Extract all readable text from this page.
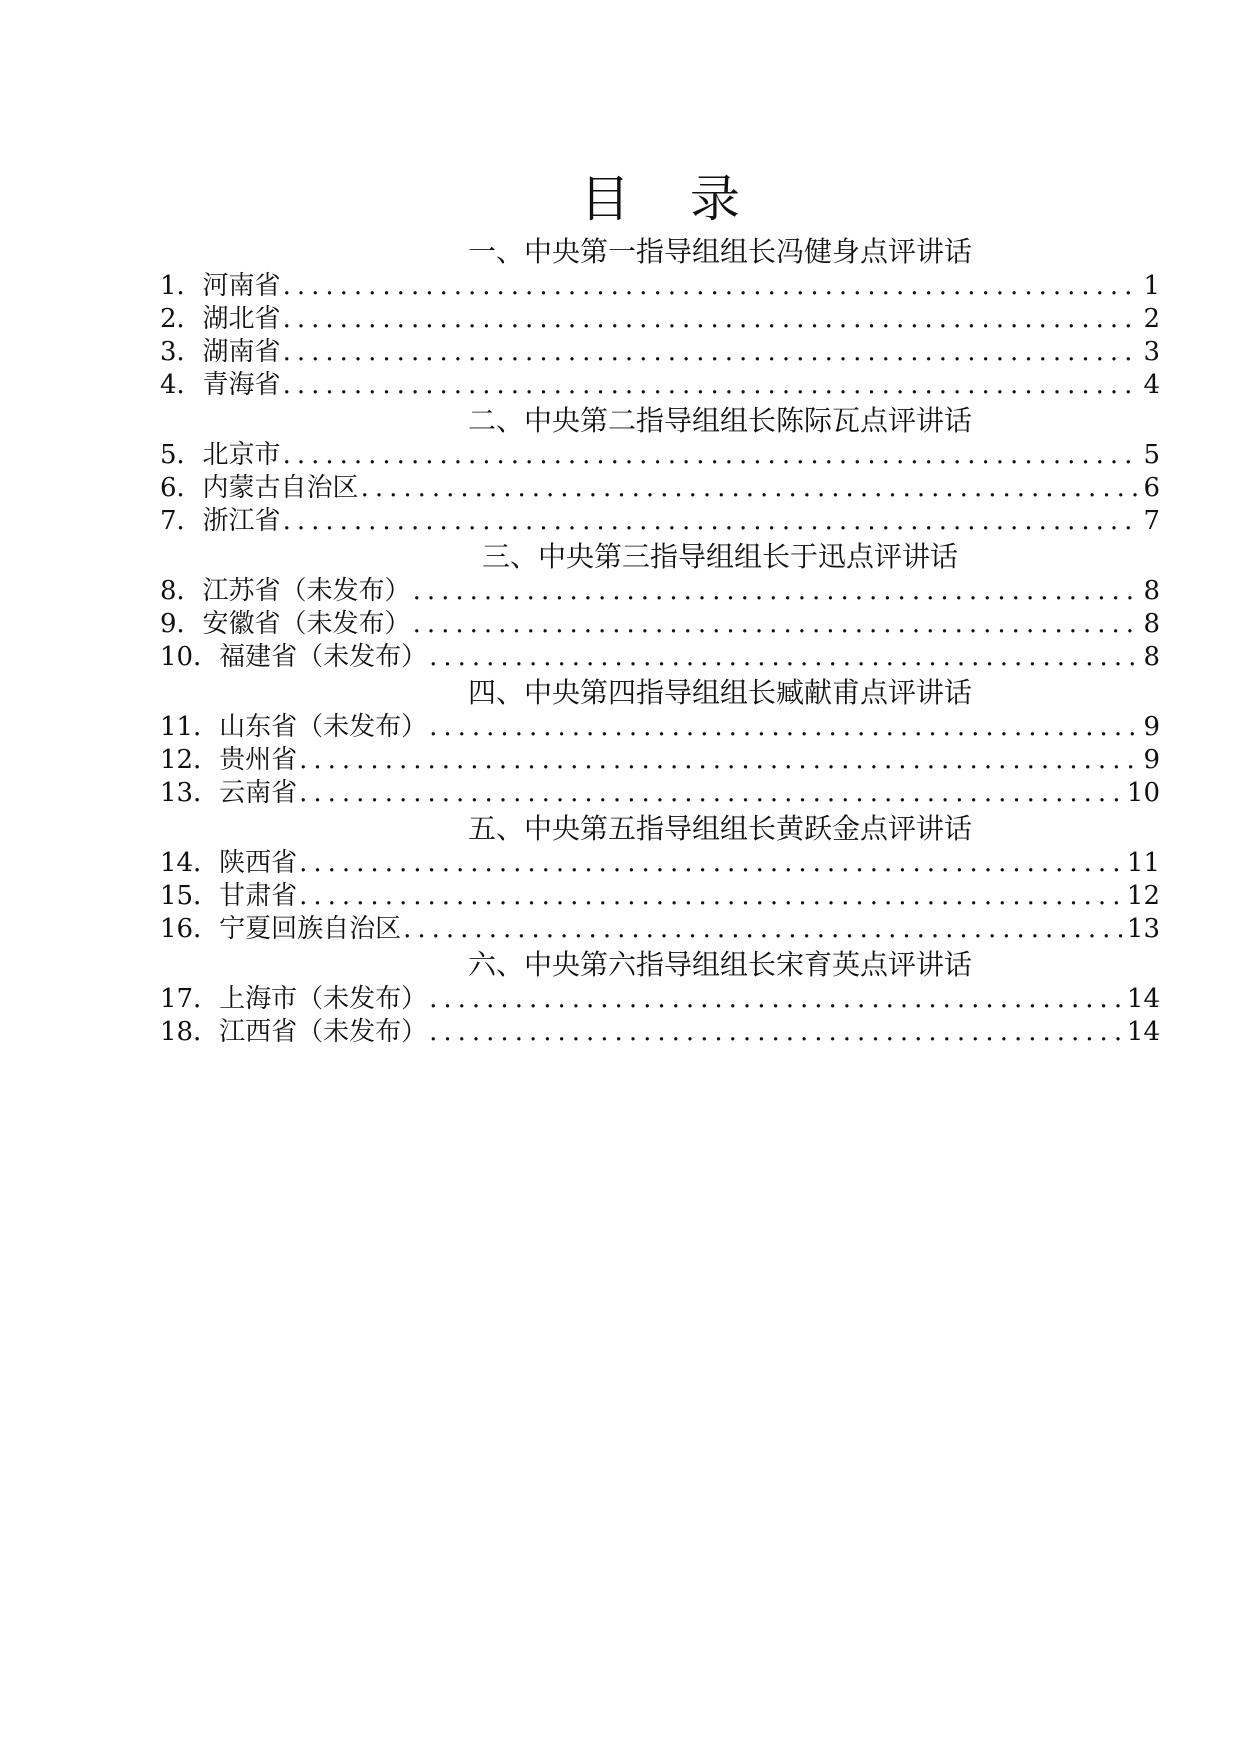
目 录
一、中央第一指导组组长冯健身点评讲话
1． 河南省 .....	1
2． 湖北省 .....	2
3． 湖南省 .....	3
4． 青海省 .....	4
二、中央第二指导组组长陈际瓦点评讲话
5． 北京市 .....	5
6． 内蒙古自治区 .....	6
7． 浙江省 .....	7
三、中央第三指导组组长于迅点评讲话
8． 江苏省（未发布） .....	8
9． 安徽省（未发布） .....	8
10． 福建省（未发布） .....	8
四、中央第四指导组组长臧献甫点评讲话
11． 山东省（未发布） .....	9
12． 贵州省 .....	9
13． 云南省 .....	10
五、中央第五指导组组长黄跃金点评讲话
14． 陕西省 .....	11
15． 甘肃省 .....	12
16． 宁夏回族自治区 .....	13
六、中央第六指导组组长宋育英点评讲话
17． 上海市（未发布） .....	14
18． 江西省（未发布） .....	14
